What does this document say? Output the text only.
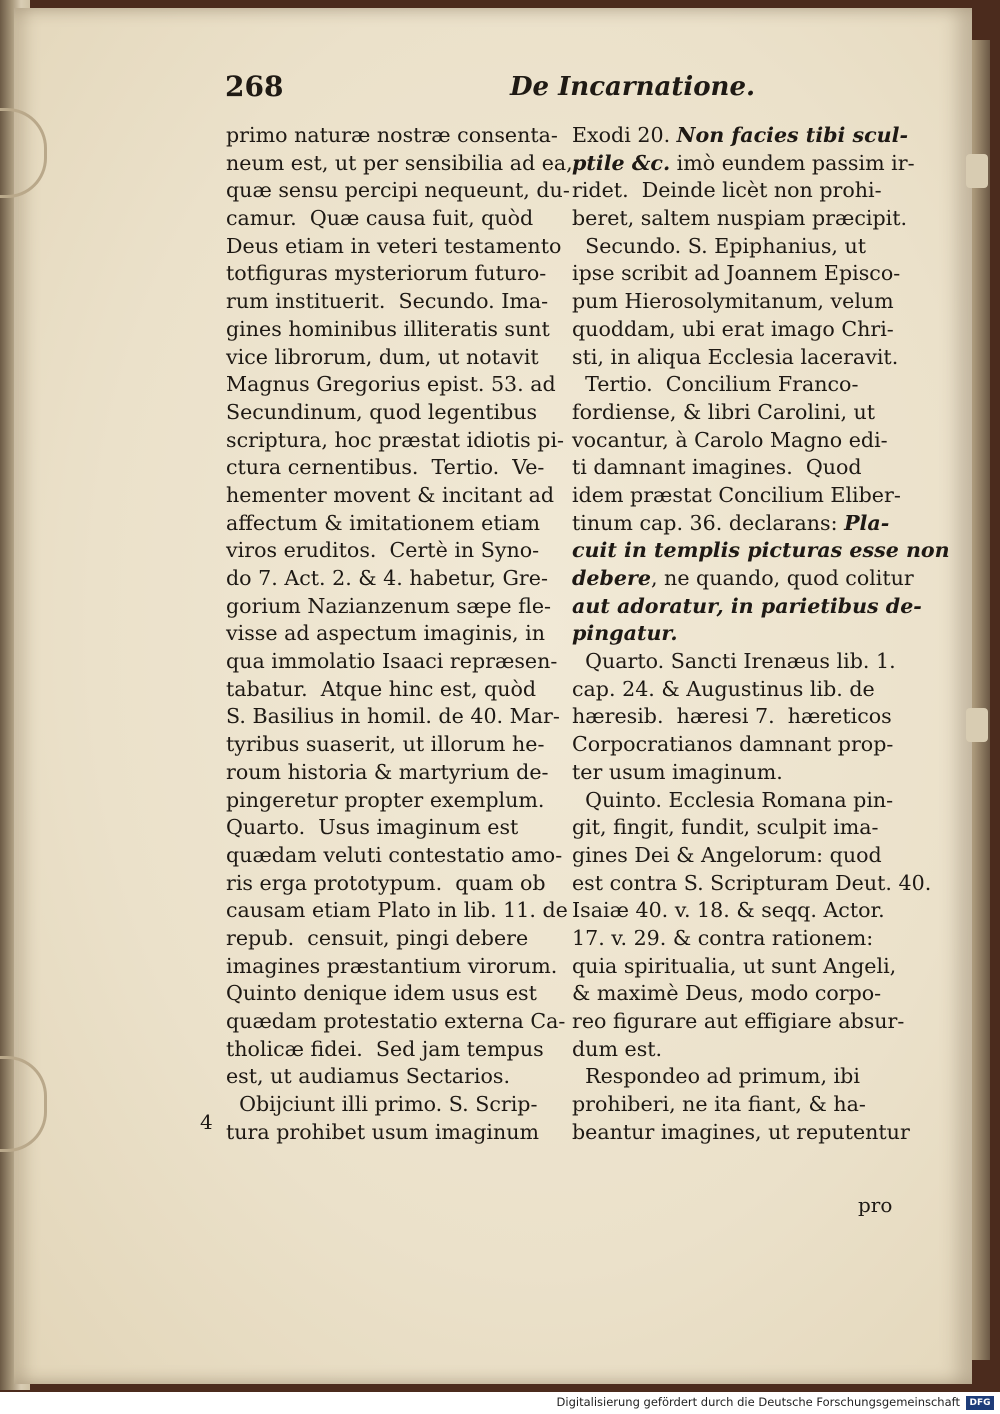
268	De Incarnatione.
primo naturæ nostræ consenta-
neum est, ut per sensibilia ad ea,
quæ sensu percipi nequeunt, du-
camur.  Quæ causa fuit, quòd
Deus etiam in veteri testamento
totfiguras mysteriorum futuro-
rum instituerit.  Secundo. Ima-
gines hominibus illiteratis sunt
vice librorum, dum, ut notavit
Magnus Gregorius epist. 53. ad
Secundinum, quod legentibus
scriptura, hoc præstat idiotis pi-
ctura cernentibus.  Tertio.  Ve-
hementer movent & incitant ad
affectum & imitationem etiam
viros eruditos.  Certè in Syno-
do 7. Act. 2. & 4. habetur, Gre-
gorium Nazianzenum sæpe fle-
visse ad aspectum imaginis, in
qua immolatio Isaaci repræsen-
tabatur.  Atque hinc est, quòd
S. Basilius in homil. de 40. Mar-
tyribus suaserit, ut illorum he-
roum historia & martyrium de-
pingeretur propter exemplum.
Quarto.  Usus imaginum est
quædam veluti contestatio amo-
ris erga prototypum.  quam ob
causam etiam Plato in lib. 11. de
repub.  censuit, pingi debere
imagines præstantium virorum.
Quinto denique idem usus est
quædam protestatio externa Ca-
tholicæ fidei.  Sed jam tempus
est, ut audiamus Sectarios.
Obijciunt illi primo. S. Scrip-
tura prohibet usum imaginum
Exodi 20. Non facies tibi scul-
ptile &c. imò eundem passim ir-
ridet.  Deinde licèt non prohi-
beret, saltem nuspiam præcipit.
Secundo. S. Epiphanius, ut
ipse scribit ad Joannem Episco-
pum Hierosolymitanum, velum
quoddam, ubi erat imago Chri-
sti, in aliqua Ecclesia laceravit.
Tertio.  Concilium Franco-
fordiense, & libri Carolini, ut
vocantur, à Carolo Magno edi-
ti damnant imagines.  Quod
idem præstat Concilium Eliber-
tinum cap. 36. declarans: Pla-
cuit in templis picturas esse non
debere, ne quando, quod colitur
aut adoratur, in parietibus de-
pingatur.
Quarto. Sancti Irenæus lib. 1.
cap. 24. & Augustinus lib. de
hæresib.  hæresi 7.  hæreticos
Corpocratianos damnant prop-
ter usum imaginum.
Quinto. Ecclesia Romana pin-
git, fingit, fundit, sculpit ima-
gines Dei & Angelorum: quod
est contra S. Scripturam Deut. 40.
Isaiæ 40. v. 18. & seqq. Actor.
17. v. 29. & contra rationem:
quia spiritualia, ut sunt Angeli,
& maximè Deus, modo corpo-
reo figurare aut effigiare absur-
dum est.
Respondeo ad primum, ibi
prohiberi, ne ita fiant, & ha-
beantur imagines, ut reputentur
4
pro
Digitalisierung gefördert durch die Deutsche Forschungsgemeinschaft	DFG
